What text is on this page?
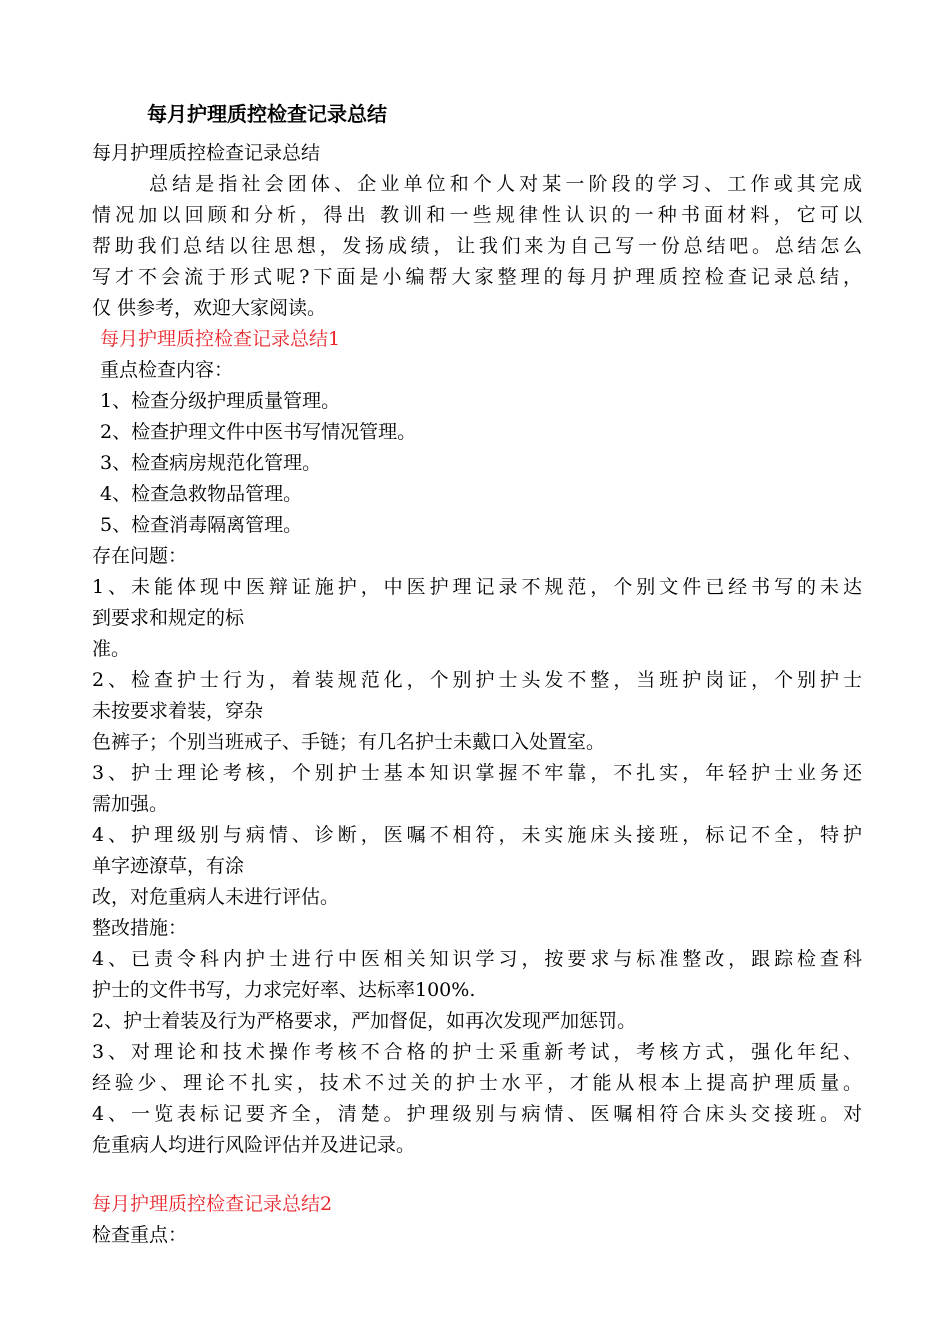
每月护理质控检查记录总结
每月护理质控检查记录总结
总结是指社会团体、企业单位和个人对某一阶段的学习、工作或其完成
情况加以回顾和分析，得出 教训和一些规律性认识的一种书面材料，它可以
帮助我们总结以往思想，发扬成绩，让我们来为自己写一份总结吧。总结怎么
写才不会流于形式呢?下面是小编帮大家整理的每月护理质控检查记录总结，
仅 供参考，欢迎大家阅读。
每月护理质控检查记录总结1
重点检查内容：
1、检查分级护理质量管理。
2、检查护理文件中医书写情况管理。
3、检查病房规范化管理。
4、检查急救物品管理。
5、检查消毒隔离管理。
存在问题：
1、未能体现中医辩证施护，中医护理记录不规范，个别文件已经书写的未达
到要求和规定的标
准。
2、检查护士行为，着装规范化，个别护士头发不整，当班护岗证，个别护士
未按要求着装，穿杂
色裤子；个别当班戒子、手链；有几名护士未戴口入处置室。
3、护士理论考核，个别护士基本知识掌握不牢靠，不扎实，年轻护士业务还
需加强。
4、护理级别与病情、诊断，医嘱不相符，未实施床头接班，标记不全，特护
单字迹潦草，有涂
改，对危重病人未进行评估。
整改措施：
4、已责令科内护士进行中医相关知识学习，按要求与标准整改，跟踪检查科
护士的文件书写，力求完好率、达标率100%.
2、护士着装及行为严格要求，严加督促，如再次发现严加惩罚。
3、对理论和技术操作考核不合格的护士采重新考试，考核方式，强化年纪、
经验少、理论不扎实，技术不过关的护士水平，才能从根本上提高护理质量。
4、一览表标记要齐全，清楚。护理级别与病情、医嘱相符合床头交接班。对
危重病人均进行风险评估并及进记录。
每月护理质控检查记录总结2
检查重点：
